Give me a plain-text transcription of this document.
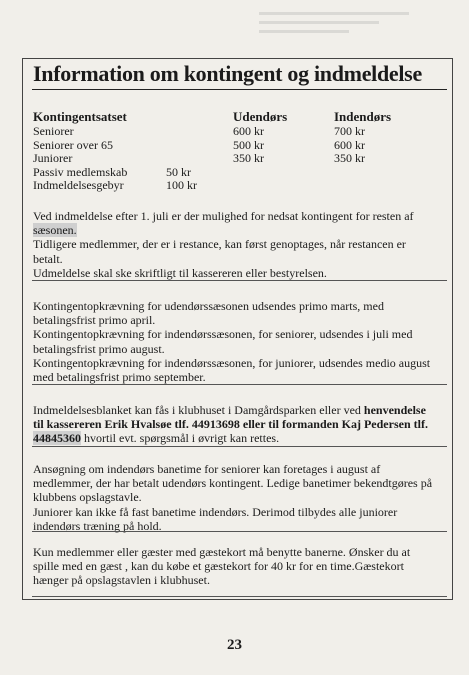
Information om kontingent og indmeldelse
Kontingentsatset	Udendørs	Indendørs
Seniorer	600 kr	700 kr
Seniorer over 65	500 kr	600 kr
Juniorer	350 kr	350 kr
Passiv medlemskab	50 kr
Indmeldelsesgebyr	100 kr

Ved indmeldelse efter 1. juli er der mulighed for nedsat kontingent for resten af

sæsonen.

Tidligere medlemmer, der er i restance, kan først genoptages, når restancen er

betalt.

Udmeldelse skal ske skriftligt til kassereren eller bestyrelsen.

Kontingentopkrævning for udendørssæsonen udsendes primo marts, med

betalingsfrist primo april.

Kontingentopkrævning for indendørssæsonen, for seniorer, udsendes i juli med

betalingsfrist primo august.

Kontingentopkrævning for indendørssæsonen, for juniorer, udsendes medio august

med betalingsfrist primo september.

Indmeldelsesblanket kan fås i klubhuset i Damgårdsparken eller ved henvendelse

til kassereren Erik Hvalsøe tlf. 44913698 eller til formanden Kaj Pedersen tlf.

44845360 hvortil evt. spørgsmål i øvrigt kan rettes.

Ansøgning om indendørs banetime for seniorer kan foretages i august af

medlemmer, der har betalt udendørs kontingent. Ledige banetimer bekendtgøres på

klubbens opslagstavle.

Juniorer kan ikke få fast banetime indendørs. Derimod tilbydes alle juniorer

indendørs træning på hold.

Kun medlemmer eller gæster med gæstekort må benytte banerne. Ønsker du at

spille med en gæst , kan du købe et gæstekort for 40 kr for en time.Gæstekort

hænger på opslagstavlen i klubhuset.

23
